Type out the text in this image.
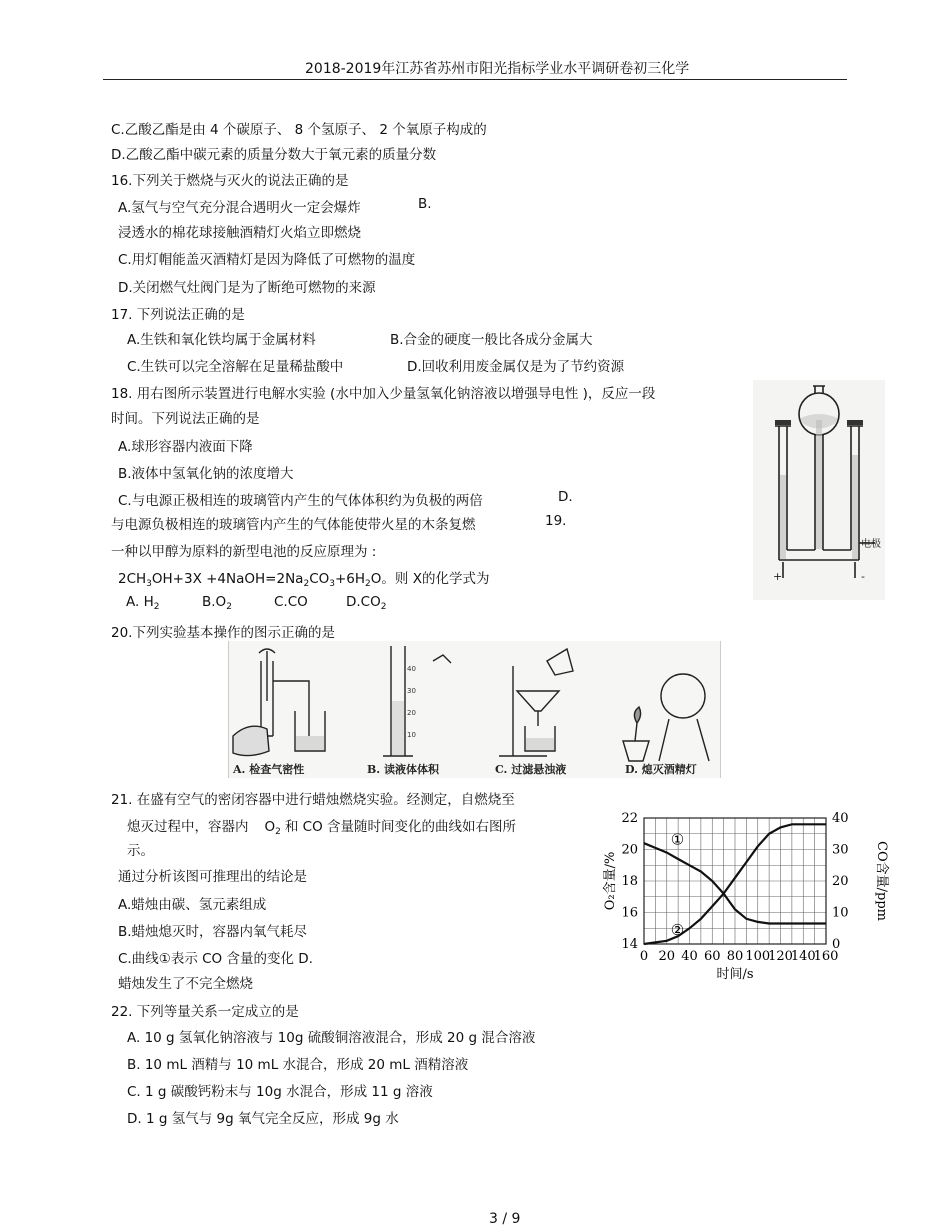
2018-2019年江苏省苏州市阳光指标学业水平调研卷初三化学
C.乙酸乙酯是由 4 个碳原子、 8 个氢原子、 2 个氧原子构成的
D.乙酸乙酯中碳元素的质量分数大于氧元素的质量分数
16.下列关于燃烧与灭火的说法正确的是
A.氢气与空气充分混合遇明火一定会爆炸	B.
浸透水的棉花球接触酒精灯火焰立即燃烧
C.用灯帽能盖灭酒精灯是因为降低了可燃物的温度
D.关闭燃气灶阀门是为了断绝可燃物的来源
17. 下列说法正确的是
A.生铁和氧化铁均属于金属材料	B.合金的硬度一般比各成分金属大
C.生铁可以完全溶解在足量稀盐酸中	D.回收利用废金属仅是为了节约资源
18. 用右图所示装置进行电解水实验 (水中加入少量氢氧化钠溶液以增强导电性 )，反应一段
时间。下列说法正确的是
A.球形容器内液面下降
B.液体中氢氧化钠的浓度增大
C.与电源正极相连的玻璃管内产生的气体体积约为负极的两倍	D.
与电源负极相连的玻璃管内产生的气体能使带火星的木条复燃	19.
一种以甲醇为原料的新型电池的反应原理为 :
$2CH_3OH+3X$ $+4NaOH=2Na_2CO_3+6H_2O$。则 X的化学式为
A. $H_2$	$B.O_2$	C.CO	$D.CO_2$
20.下列实验基本操作的图示正确的是
21. 在盛有空气的密闭容器中进行蜡烛燃烧实验。经测定，自燃烧至
熄灭过程中，容器内 $O_2$ 和 CO 含量随时间变化的曲线如右图所
示。
通过分析该图可推理出的结论是
A.蜡烛由碳、氢元素组成
B.蜡烛熄灭时，容器内氧气耗尽
C.曲线①表示 CO 含量的变化 D.
蜡烛发生了不完全燃烧
22. 下列等量关系一定成立的是
A. 10 g 氢氧化钠溶液与 10g 硫酸铜溶液混合，形成 20 g 混合溶液
B. 10 mL 酒精与 10 mL 水混合，形成 20 mL 酒精溶液
C. 1 g 碳酸钙粉末与 10g 水混合，形成 11 g 溶液
D. 1 g 氢气与 9g 氧气完全反应，形成 9g 水
3 / 9
电极
+	-
40
30
20
10
A. 检查气密性	B. 读液体体积	C. 过滤悬浊液	D. 熄灭酒精灯
0 20 40 60 80 100
120
140
160
14
16
18
20
22
0
10
20
30
40
时间/s
O₂含量/%	CO含量/ppm
①
②
